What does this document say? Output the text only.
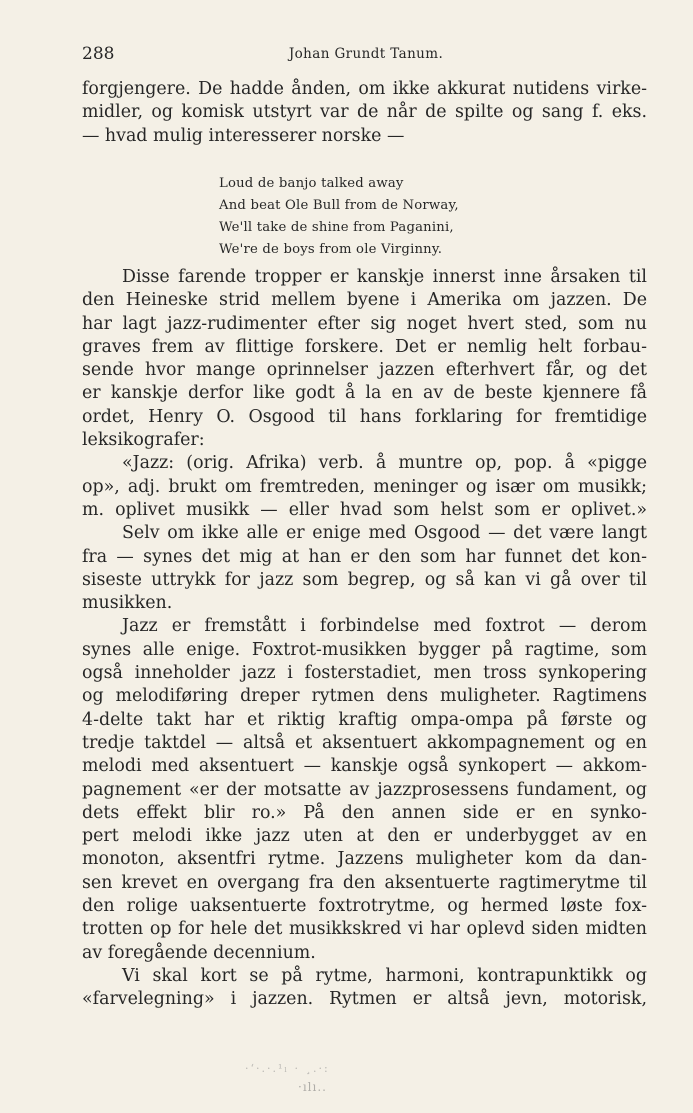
288	Johan Grundt Tanum.
forgjengere. De hadde ånden, om ikke akkurat nutidens virke-
midler, og komisk utstyrt var de når de spilte og sang f. eks.
— hvad mulig interesserer norske —
Loud de banjo talked away
And beat Ole Bull from de Norway,
We'll take de shine from Paganini,
We're de boys from ole Virginny.
Disse farende tropper er kanskje innerst inne årsaken til
den Heineske strid mellem byene i Amerika om jazzen. De
har lagt jazz-rudimenter efter sig noget hvert sted, som nu
graves frem av flittige forskere. Det er nemlig helt forbau-
sende hvor mange oprinnelser jazzen efterhvert får, og det
er kanskje derfor like godt å la en av de beste kjennere få
ordet, Henry O. Osgood til hans forklaring for fremtidige
leksikografer:
«Jazz: (orig. Afrika) verb. å muntre op, pop. å «pigge
op», adj. brukt om fremtreden, meninger og især om musikk;
m. oplivet musikk — eller hvad som helst som er oplivet.»
Selv om ikke alle er enige med Osgood — det være langt
fra — synes det mig at han er den som har funnet det kon-
siseste uttrykk for jazz som begrep, og så kan vi gå over til
musikken.
Jazz er fremstått i forbindelse med foxtrot — derom
synes alle enige. Foxtrot-musikken bygger på ragtime, som
også inneholder jazz i fosterstadiet, men tross synkopering
og melodiføring dreper rytmen dens muligheter. Ragtimens
4-delte takt har et riktig kraftig ompa-ompa på første og
tredje taktdel — altså et aksentuert akkompagnement og en
melodi med aksentuert — kanskje også synkopert — akkom-
pagnement «er der motsatte av jazzprosessens fundament, og
dets effekt blir ro.» På den annen side er en synko-
pert melodi ikke jazz uten at den er underbygget av en
monoton, aksentfri rytme. Jazzens muligheter kom da dan-
sen krevet en overgang fra den aksentuerte ragtimerytme til
den rolige uaksentuerte foxtrotrytme, og hermed løste fox-
trotten op for hele det musikkskred vi har oplevd siden midten
av foregående decennium.
Vi skal kort se på rytme, harmoni, kontrapunktikk og
«farvelegning» i jazzen. Rytmen er altså jevn, motorisk,
·‘·.·.¹ₗ · ¸.·:
·ılı..
